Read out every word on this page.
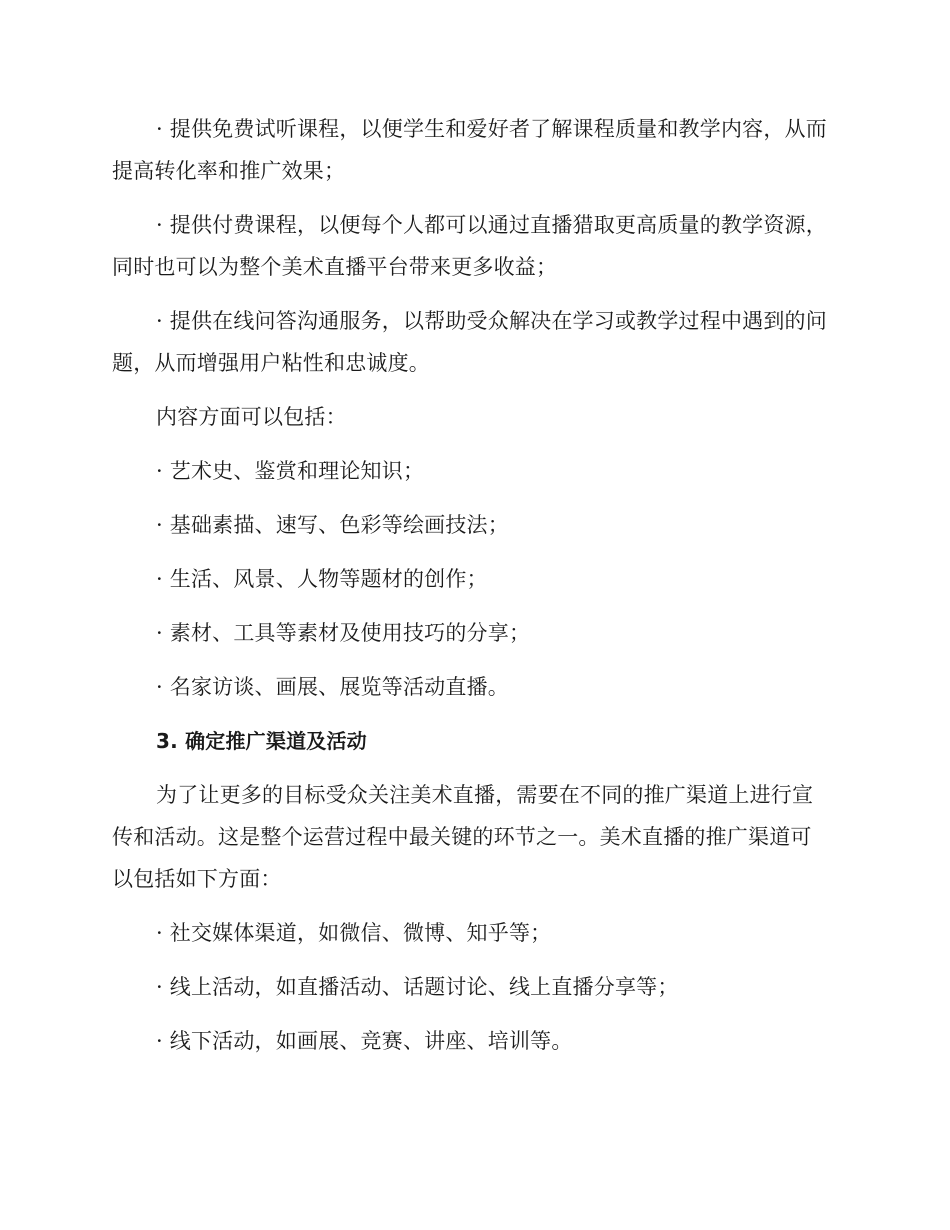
· 提供免费试听课程，以便学生和爱好者了解课程质量和教学内容，从而提高转化率和推广效果；

· 提供付费课程，以便每个人都可以通过直播猎取更高质量的教学资源，同时也可以为整个美术直播平台带来更多收益；

· 提供在线问答沟通服务，以帮助受众解决在学习或教学过程中遇到的问题，从而增强用户粘性和忠诚度。

内容方面可以包括：

· 艺术史、鉴赏和理论知识；

· 基础素描、速写、色彩等绘画技法；

· 生活、风景、人物等题材的创作；

· 素材、工具等素材及使用技巧的分享；

· 名家访谈、画展、展览等活动直播。

3. 确定推广渠道及活动

为了让更多的目标受众关注美术直播，需要在不同的推广渠道上进行宣传和活动。这是整个运营过程中最关键的环节之一。美术直播的推广渠道可以包括如下方面：

· 社交媒体渠道，如微信、微博、知乎等；

· 线上活动，如直播活动、话题讨论、线上直播分享等；

· 线下活动，如画展、竞赛、讲座、培训等。
